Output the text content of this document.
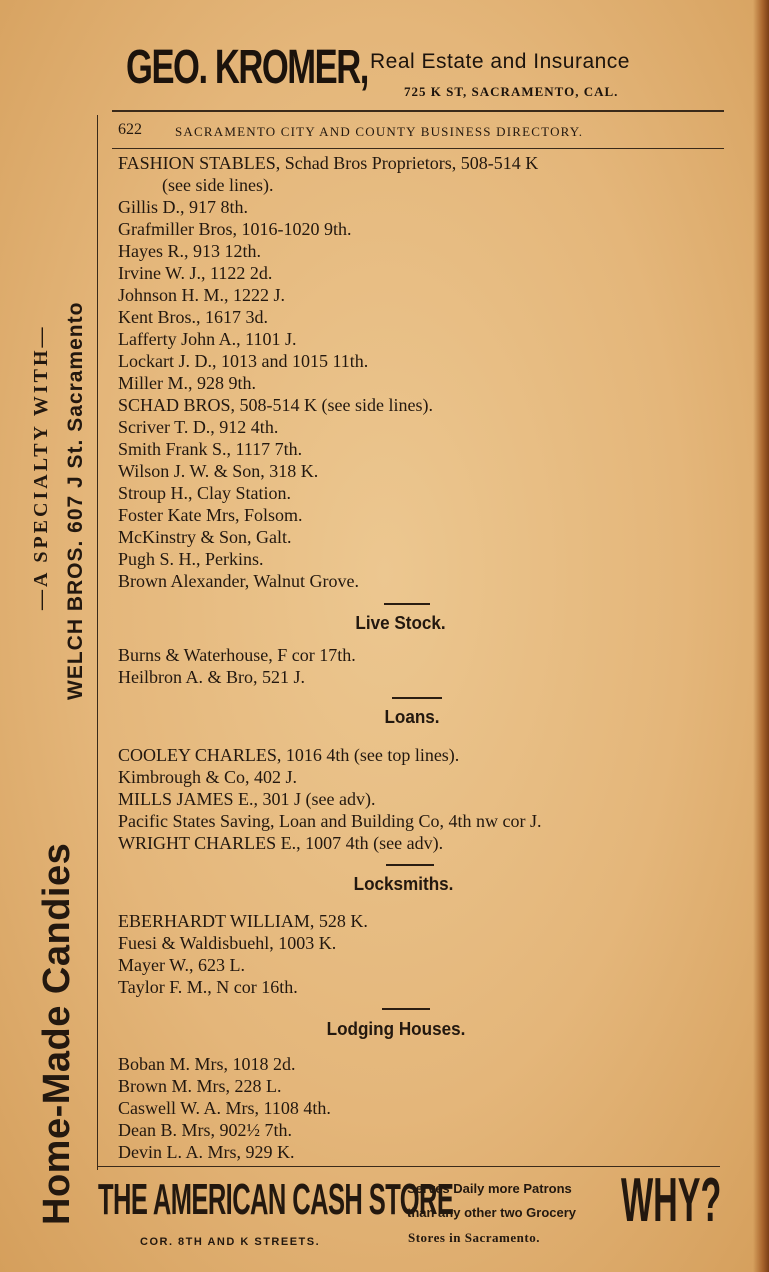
GEO. KROMER, Real Estate and Insurance
725 K ST, SACRAMENTO, CAL.
622	SACRAMENTO CITY AND COUNTY BUSINESS DIRECTORY.
Home-Made Candies
—A SPECIALTY WITH— WELCH BROS. 607 J St. Sacramento
FASHION STABLES, Schad Bros Proprietors, 508-514 K
(see side lines).
Gillis D., 917 8th.
Grafmiller Bros, 1016-1020 9th.
Hayes R., 913 12th.
Irvine W. J., 1122 2d.
Johnson H. M., 1222 J.
Kent Bros., 1617 3d.
Lafferty John A., 1101 J.
Lockart J. D., 1013 and 1015 11th.
Miller M., 928 9th.
SCHAD BROS, 508-514 K (see side lines).
Scriver T. D., 912 4th.
Smith Frank S., 1117 7th.
Wilson J. W. & Son, 318 K.
Stroup H., Clay Station.
Foster Kate Mrs, Folsom.
McKinstry & Son, Galt.
Pugh S. H., Perkins.
Brown Alexander, Walnut Grove.
Live Stock.
Burns & Waterhouse, F cor 17th.
Heilbron A. & Bro, 521 J.
Loans.
COOLEY CHARLES, 1016 4th (see top lines).
Kimbrough & Co, 402 J.
MILLS JAMES E., 301 J (see adv).
Pacific States Saving, Loan and Building Co, 4th nw cor J.
WRIGHT CHARLES E., 1007 4th (see adv).
Locksmiths.
EBERHARDT WILLIAM, 528 K.
Fuesi & Waldisbuehl, 1003 K.
Mayer W., 623 L.
Taylor F. M., N cor 16th.
Lodging Houses.
Boban M. Mrs, 1018 2d.
Brown M. Mrs, 228 L.
Caswell W. A. Mrs, 1108 4th.
Dean B. Mrs, 902½ 7th.
Devin L. A. Mrs, 929 K.
THE AMERICAN CASH STORE
Serves Daily more Patrons
than any other two Grocery
Stores in Sacramento.
COR. 8TH AND K STREETS.
WHY?
